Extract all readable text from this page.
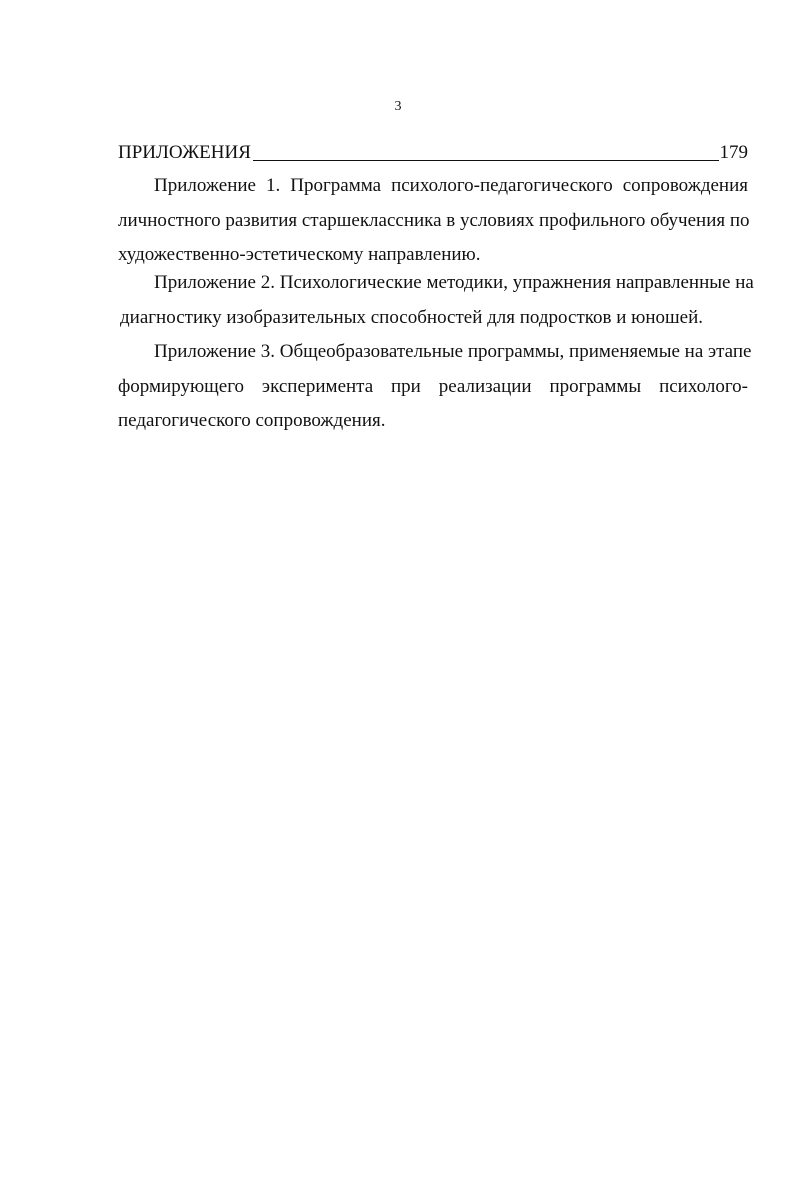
3
ПРИЛОЖЕНИЯ	179

Приложение 1. Программа психолого-педагогического сопровождения
личностного развития старшеклассника в условиях профильного обучения по
художественно-эстетическому направлению.

Приложение 2. Психологические методики, упражнения направленные на
диагностику изобразительных способностей для подростков и юношей.

Приложение 3. Общеобразовательные программы, применяемые на этапе
формирующего эксперимента при реализации программы психолого-
педагогического сопровождения.
